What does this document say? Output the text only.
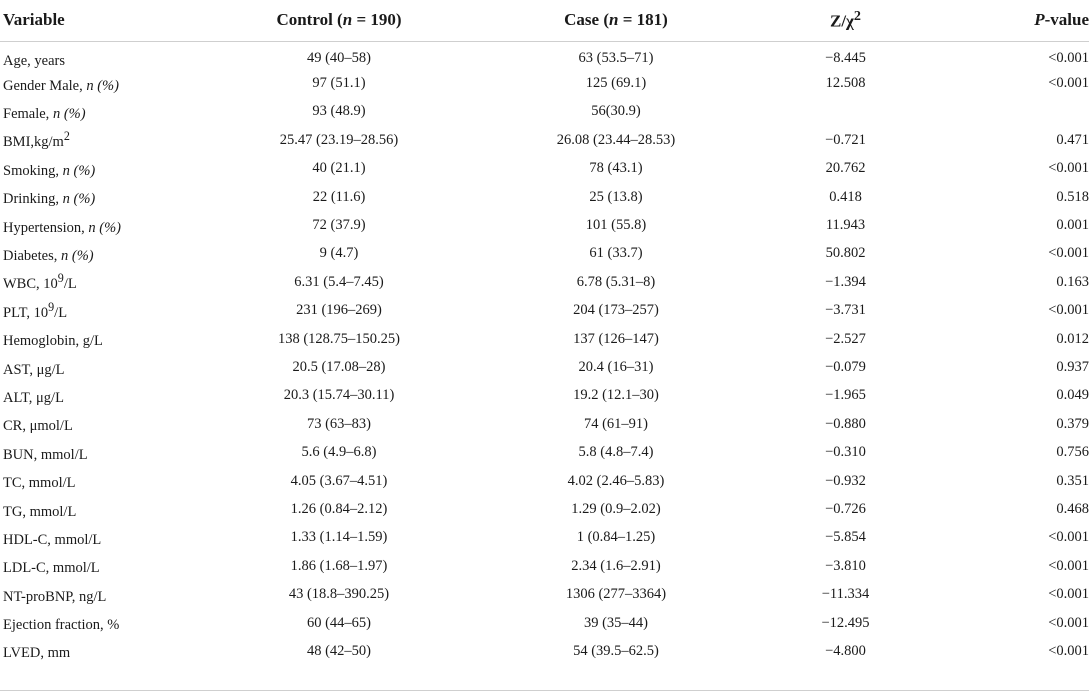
Variable	Control (n = 190)	Case (n = 181)	$Z/\chi^2$	P-value
Age, years	49 (40–58)	63 (53.5–71)	−8.445	<0.001
Gender Male, n (%)	97 (51.1)	125 (69.1)	12.508	<0.001
Female, n (%)	93 (48.9)	56(30.9)		
$BMI,kg/m^2$	25.47 (23.19–28.56)	26.08 (23.44–28.53)	−0.721	0.471
Smoking, n (%)	40 (21.1)	78 (43.1)	20.762	<0.001
Drinking, n (%)	22 (11.6)	25 (13.8)	0.418	0.518
Hypertension, n (%)	72 (37.9)	101 (55.8)	11.943	0.001
Diabetes, n (%)	9 (4.7)	61 (33.7)	50.802	<0.001
WBC, $10^9/L$	6.31 (5.4–7.45)	6.78 (5.31–8)	−1.394	0.163
PLT, $10^9/L$	231 (196–269)	204 (173–257)	−3.731	<0.001
Hemoglobin, g/L	138 (128.75–150.25)	137 (126–147)	−2.527	0.012
AST, μg/L	20.5 (17.08–28)	20.4 (16–31)	−0.079	0.937
ALT, μg/L	20.3 (15.74–30.11)	19.2 (12.1–30)	−1.965	0.049
CR, μmol/L	73 (63–83)	74 (61–91)	−0.880	0.379
BUN, mmol/L	5.6 (4.9–6.8)	5.8 (4.8–7.4)	−0.310	0.756
TC, mmol/L	4.05 (3.67–4.51)	4.02 (2.46–5.83)	−0.932	0.351
TG, mmol/L	1.26 (0.84–2.12)	1.29 (0.9–2.02)	−0.726	0.468
HDL-C, mmol/L	1.33 (1.14–1.59)	1 (0.84–1.25)	−5.854	<0.001
LDL-C, mmol/L	1.86 (1.68–1.97)	2.34 (1.6–2.91)	−3.810	<0.001
NT-proBNP, ng/L	43 (18.8–390.25)	1306 (277–3364)	−11.334	<0.001
Ejection fraction, %	60 (44–65)	39 (35–44)	−12.495	<0.001
LVED, mm	48 (42–50)	54 (39.5–62.5)	−4.800	<0.001
